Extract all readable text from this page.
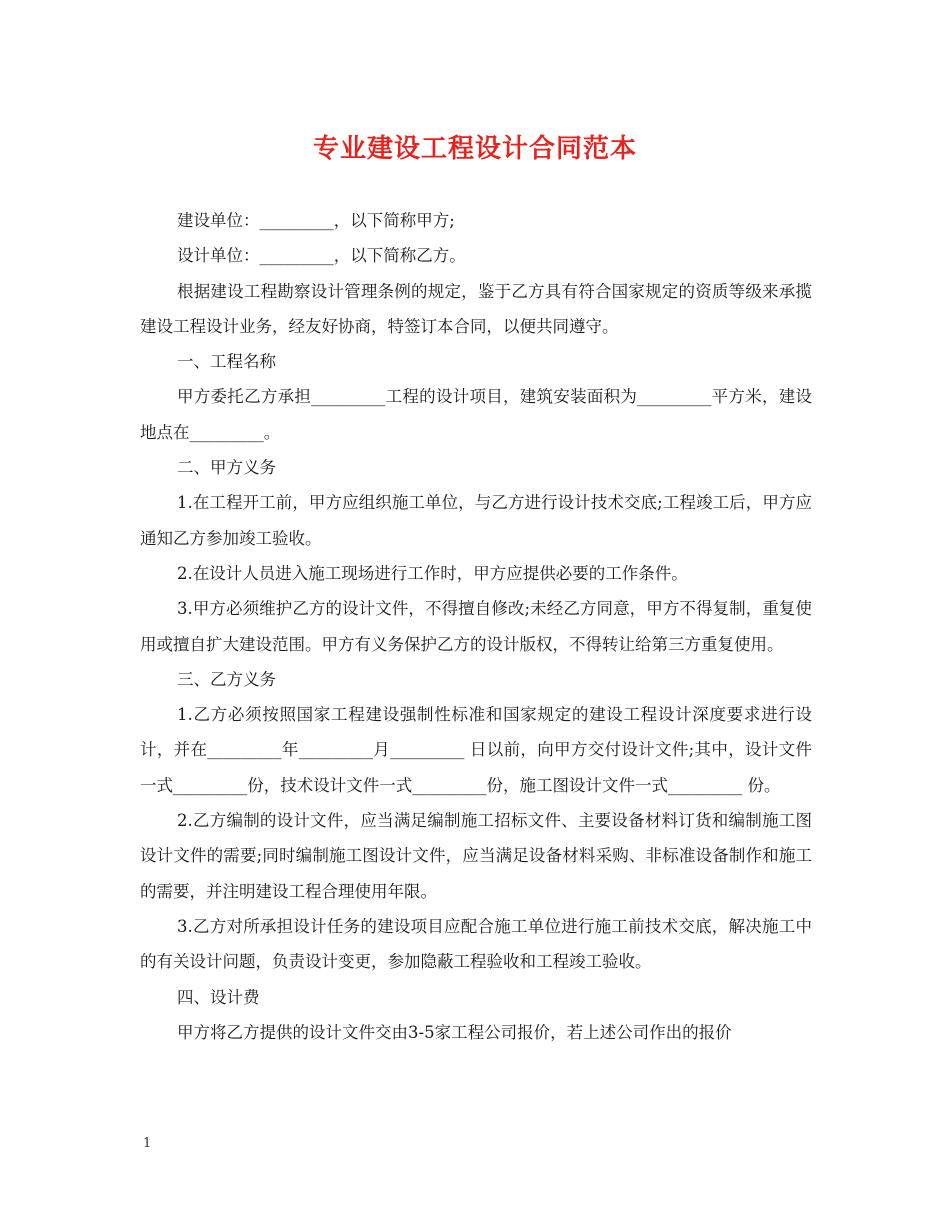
专业建设工程设计合同范本

建设单位：_________，以下简称甲方;

设计单位：_________，以下简称乙方。

根据建设工程勘察设计管理条例的规定，鉴于乙方具有符合国家规定的资质等级来承揽建设工程设计业务，经友好协商，特签订本合同，以便共同遵守。

一、工程名称

甲方委托乙方承担_________工程的设计项目，建筑安装面积为_________平方米，建设地点在_________。

二、甲方义务

1.在工程开工前，甲方应组织施工单位，与乙方进行设计技术交底;工程竣工后，甲方应通知乙方参加竣工验收。

2.在设计人员进入施工现场进行工作时，甲方应提供必要的工作条件。

3.甲方必须维护乙方的设计文件，不得擅自修改;未经乙方同意，甲方不得复制，重复使用或擅自扩大建设范围。甲方有义务保护乙方的设计版权，不得转让给第三方重复使用。

三、乙方义务

1.乙方必须按照国家工程建设强制性标准和国家规定的建设工程设计深度要求进行设计，并在_________年_________月_________ 日以前，向甲方交付设计文件;其中，设计文件一式_________份，技术设计文件一式_________份，施工图设计文件一式_________ 份。

2.乙方编制的设计文件，应当满足编制施工招标文件、主要设备材料订货和编制施工图设计文件的需要;同时编制施工图设计文件，应当满足设备材料采购、非标准设备制作和施工的需要，并注明建设工程合理使用年限。

3.乙方对所承担设计任务的建设项目应配合施工单位进行施工前技术交底，解决施工中的有关设计问题，负责设计变更，参加隐蔽工程验收和工程竣工验收。

四、设计费

甲方将乙方提供的设计文件交由3-5家工程公司报价，若上述公司作出的报价

1
